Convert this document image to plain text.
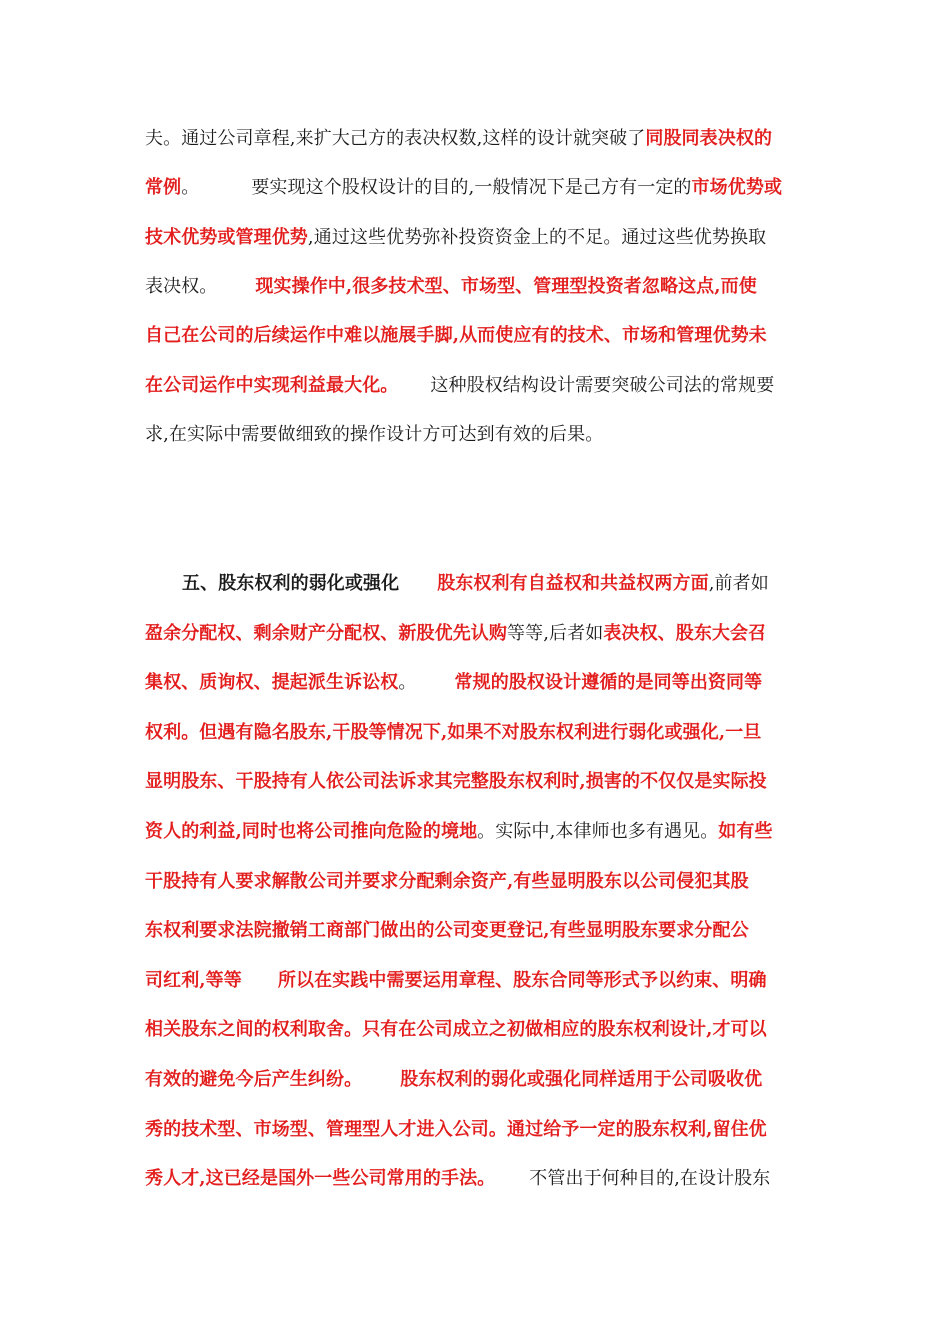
夫。通过公司章程,来扩大己方的表决权数,这样的设计就突破了同股同表决权的
常例。	要实现这个股权设计的目的,一般情况下是己方有一定的市场优势或
技术优势或管理优势,通过这些优势弥补投资资金上的不足。通过这些优势换取
表决权。 现实操作中,很多技术型、市场型、管理型投资者忽略这点,而使
自己在公司的后续运作中难以施展手脚,从而使应有的技术、市场和管理优势未
在公司运作中实现利益最大化。 这种股权结构设计需要突破公司法的常规要
求,在实际中需要做细致的操作设计方可达到有效的后果。
五、股东权利的弱化或强化 股东权利有自益权和共益权两方面,前者如
盈余分配权、剩余财产分配权、新股优先认购等等,后者如表决权、股东大会召
集权、质询权、提起派生诉讼权。 常规的股权设计遵循的是同等出资同等
权利。但遇有隐名股东,干股等情况下,如果不对股东权利进行弱化或强化,一旦
显明股东、干股持有人依公司法诉求其完整股东权利时,损害的不仅仅是实际投
资人的利益,同时也将公司推向危险的境地。实际中,本律师也多有遇见。如有些
干股持有人要求解散公司并要求分配剩余资产,有些显明股东以公司侵犯其股
东权利要求法院撤销工商部门做出的公司变更登记,有些显明股东要求分配公
司红利,等等 所以在实践中需要运用章程、股东合同等形式予以约束、明确
相关股东之间的权利取舍。只有在公司成立之初做相应的股东权利设计,才可以
有效的避免今后产生纠纷。 股东权利的弱化或强化同样适用于公司吸收优
秀的技术型、市场型、管理型人才进入公司。通过给予一定的股东权利,留住优
秀人才,这已经是国外一些公司常用的手法。 不管出于何种目的,在设计股东
